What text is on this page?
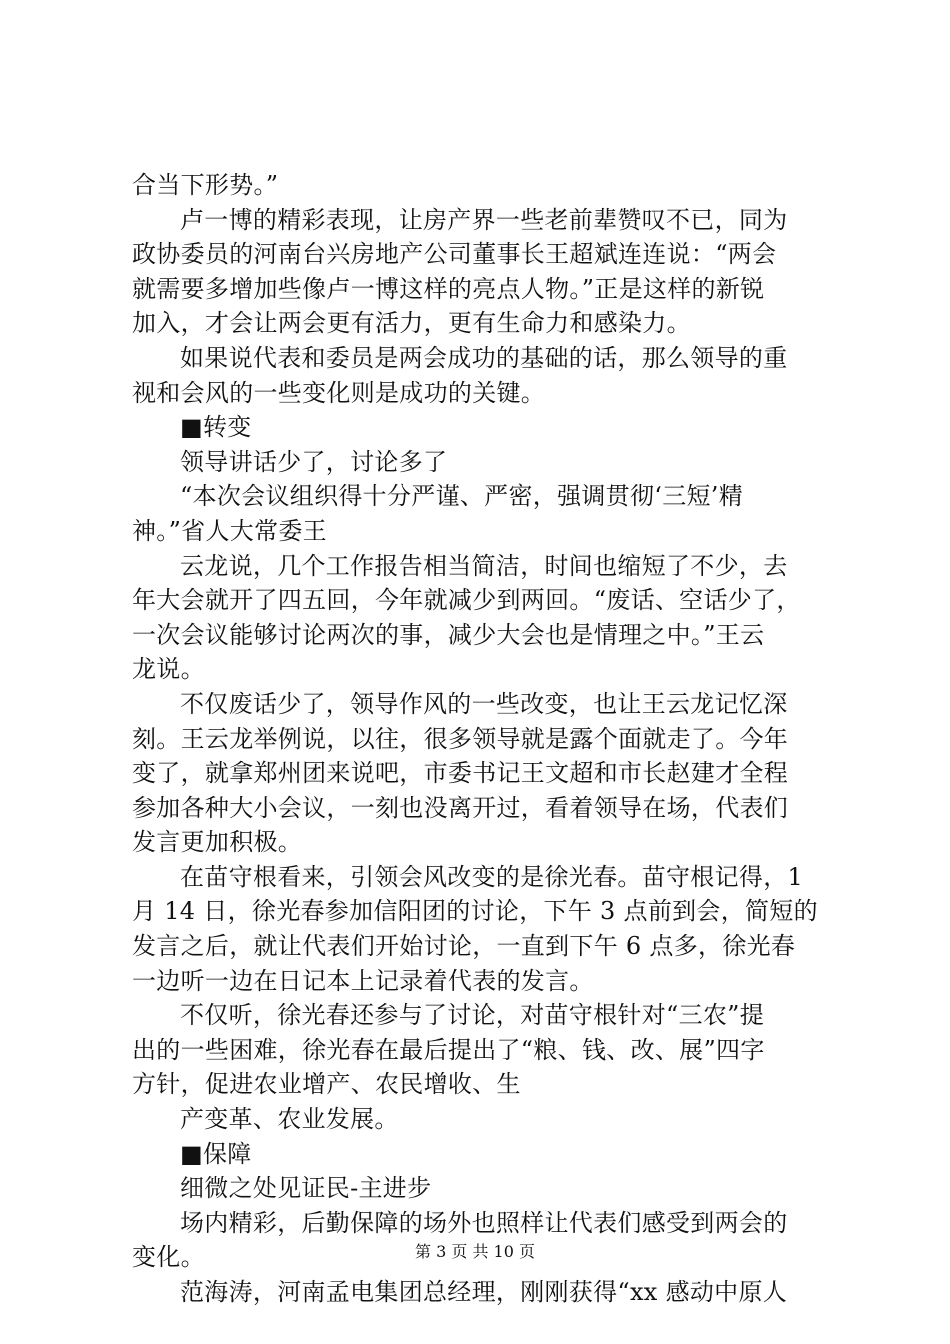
合当下形势。”
卢一博的精彩表现，让房产界一些老前辈赞叹不已，同为
政协委员的河南台兴房地产公司董事长王超斌连连说：“两会
就需要多增加些像卢一博这样的亮点人物。”正是这样的新锐
加入，才会让两会更有活力，更有生命力和感染力。
如果说代表和委员是两会成功的基础的话，那么领导的重
视和会风的一些变化则是成功的关键。
■转变
领导讲话少了，讨论多了
“本次会议组织得十分严谨、严密，强调贯彻‘三短’精
神。”省人大常委王
云龙说，几个工作报告相当简洁，时间也缩短了不少，去
年大会就开了四五回，今年就减少到两回。“废话、空话少了，
一次会议能够讨论两次的事，减少大会也是情理之中。”王云
龙说。
不仅废话少了，领导作风的一些改变，也让王云龙记忆深
刻。王云龙举例说，以往，很多领导就是露个面就走了。今年
变了，就拿郑州团来说吧，市委书记王文超和市长赵建才全程
参加各种大小会议，一刻也没离开过，看着领导在场，代表们
发言更加积极。
在苗守根看来，引领会风改变的是徐光春。苗守根记得，1
月 14 日，徐光春参加信阳团的讨论，下午 3 点前到会，简短的
发言之后，就让代表们开始讨论，一直到下午 6 点多，徐光春
一边听一边在日记本上记录着代表的发言。
不仅听，徐光春还参与了讨论，对苗守根针对“三农”提
出的一些困难，徐光春在最后提出了“粮、钱、改、展”四字
方针，促进农业增产、农民增收、生
产变革、农业发展。
■保障
细微之处见证民-主进步
场内精彩，后勤保障的场外也照样让代表们感受到两会的
变化。
范海涛，河南孟电集团总经理，刚刚获得“xx 感动中原人
第 3 页 共 10 页
